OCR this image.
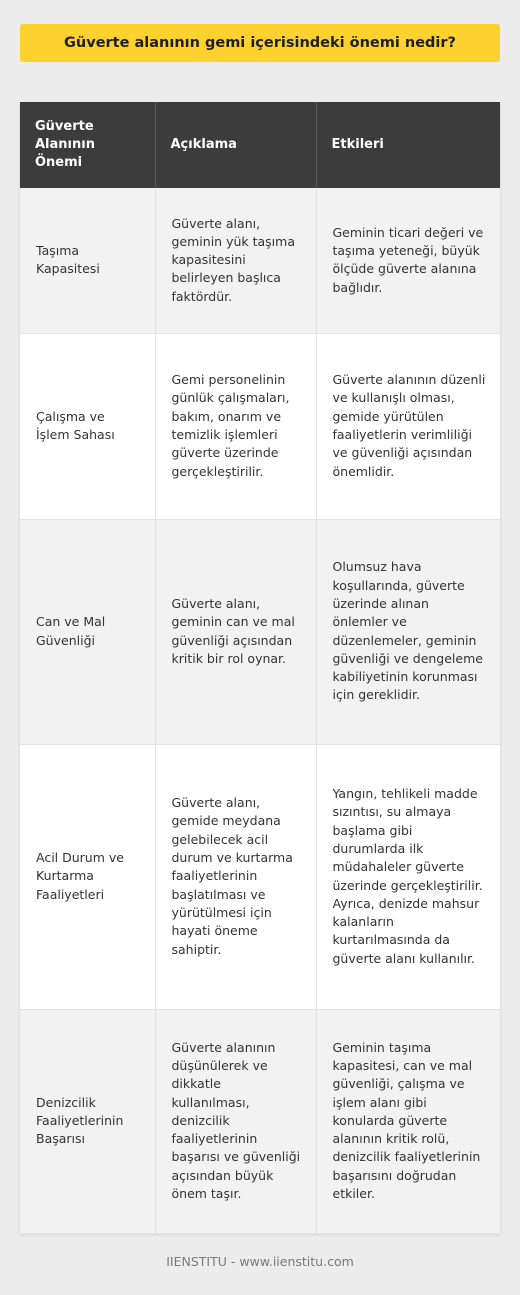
Güverte alanının gemi içerisindeki önemi nedir?
Güverte Alanının Önemi	Açıklama	Etkileri
Taşıma Kapasitesi	Güverte alanı, geminin yük taşıma kapasitesini belirleyen başlıca faktördür.	Geminin ticari değeri ve taşıma yeteneği, büyük ölçüde güverte alanına bağlıdır.
Çalışma ve İşlem Sahası	Gemi personelinin günlük çalışmaları, bakım, onarım ve temizlik işlemleri güverte üzerinde gerçekleştirilir.	Güverte alanının düzenli ve kullanışlı olması, gemide yürütülen faaliyetlerin verimliliği ve güvenliği açısından önemlidir.
Can ve Mal Güvenliği	Güverte alanı, geminin can ve mal güvenliği açısından kritik bir rol oynar.	Olumsuz hava koşullarında, güverte üzerinde alınan önlemler ve düzenlemeler, geminin güvenliği ve dengeleme kabiliyetinin korunması için gereklidir.
Acil Durum ve Kurtarma Faaliyetleri	Güverte alanı, gemide meydana gelebilecek acil durum ve kurtarma faaliyetlerinin başlatılması ve yürütülmesi için hayati öneme sahiptir.	Yangın, tehlikeli madde sızıntısı, su almaya başlama gibi durumlarda ilk müdahaleler güverte üzerinde gerçekleştirilir. Ayrıca, denizde mahsur kalanların kurtarılmasında da güverte alanı kullanılır.
Denizcilik Faaliyetlerinin Başarısı	Güverte alanının düşünülerek ve dikkatle kullanılması, denizcilik faaliyetlerinin başarısı ve güvenliği açısından büyük önem taşır.	Geminin taşıma kapasitesi, can ve mal güvenliği, çalışma ve işlem alanı gibi konularda güverte alanının kritik rolü, denizcilik faaliyetlerinin başarısını doğrudan etkiler.
IIENSTITU - www.iienstitu.com
